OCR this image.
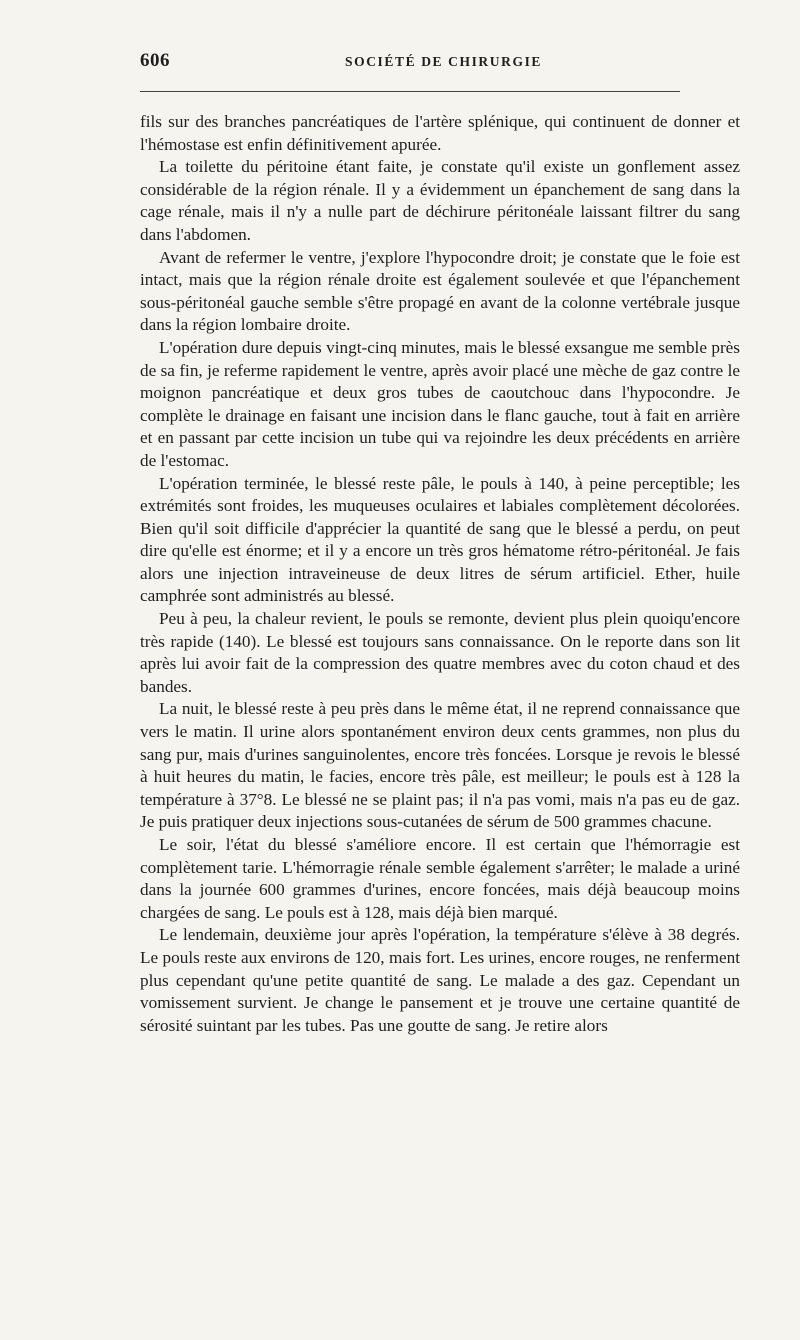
606	SOCIÉTÉ DE CHIRURGIE

fils sur des branches pancréatiques de l'artère splénique, qui continuent de donner et l'hémostase est enfin définitivement apurée.

La toilette du péritoine étant faite, je constate qu'il existe un gonflement assez considérable de la région rénale. Il y a évidemment un épanchement de sang dans la cage rénale, mais il n'y a nulle part de déchirure péritonéale laissant filtrer du sang dans l'abdomen.

Avant de refermer le ventre, j'explore l'hypocondre droit; je constate que le foie est intact, mais que la région rénale droite est également soulevée et que l'épanchement sous-péritonéal gauche semble s'être propagé en avant de la colonne vertébrale jusque dans la région lombaire droite.

L'opération dure depuis vingt-cinq minutes, mais le blessé exsangue me semble près de sa fin, je referme rapidement le ventre, après avoir placé une mèche de gaz contre le moignon pancréatique et deux gros tubes de caoutchouc dans l'hypocondre. Je complète le drainage en faisant une incision dans le flanc gauche, tout à fait en arrière et en passant par cette incision un tube qui va rejoindre les deux précédents en arrière de l'estomac.

L'opération terminée, le blessé reste pâle, le pouls à 140, à peine perceptible; les extrémités sont froides, les muqueuses oculaires et labiales complètement décolorées. Bien qu'il soit difficile d'apprécier la quantité de sang que le blessé a perdu, on peut dire qu'elle est énorme; et il y a encore un très gros hématome rétro-péritonéal. Je fais alors une injection intraveineuse de deux litres de sérum artificiel. Ether, huile camphrée sont administrés au blessé.

Peu à peu, la chaleur revient, le pouls se remonte, devient plus plein quoiqu'encore très rapide (140). Le blessé est toujours sans connaissance. On le reporte dans son lit après lui avoir fait de la compression des quatre membres avec du coton chaud et des bandes.

La nuit, le blessé reste à peu près dans le même état, il ne reprend connaissance que vers le matin. Il urine alors spontanément environ deux cents grammes, non plus du sang pur, mais d'urines sanguinolentes, encore très foncées. Lorsque je revois le blessé à huit heures du matin, le facies, encore très pâle, est meilleur; le pouls est à 128 la température à 37°8. Le blessé ne se plaint pas; il n'a pas vomi, mais n'a pas eu de gaz. Je puis pratiquer deux injections sous-cutanées de sérum de 500 grammes chacune.

Le soir, l'état du blessé s'améliore encore. Il est certain que l'hémorragie est complètement tarie. L'hémorragie rénale semble également s'arrêter; le malade a uriné dans la journée 600 grammes d'urines, encore foncées, mais déjà beaucoup moins chargées de sang. Le pouls est à 128, mais déjà bien marqué.

Le lendemain, deuxième jour après l'opération, la température s'élève à 38 degrés. Le pouls reste aux environs de 120, mais fort. Les urines, encore rouges, ne renferment plus cependant qu'une petite quantité de sang. Le malade a des gaz. Cependant un vomissement survient. Je change le pansement et je trouve une certaine quantité de sérosité suintant par les tubes. Pas une goutte de sang. Je retire alors
